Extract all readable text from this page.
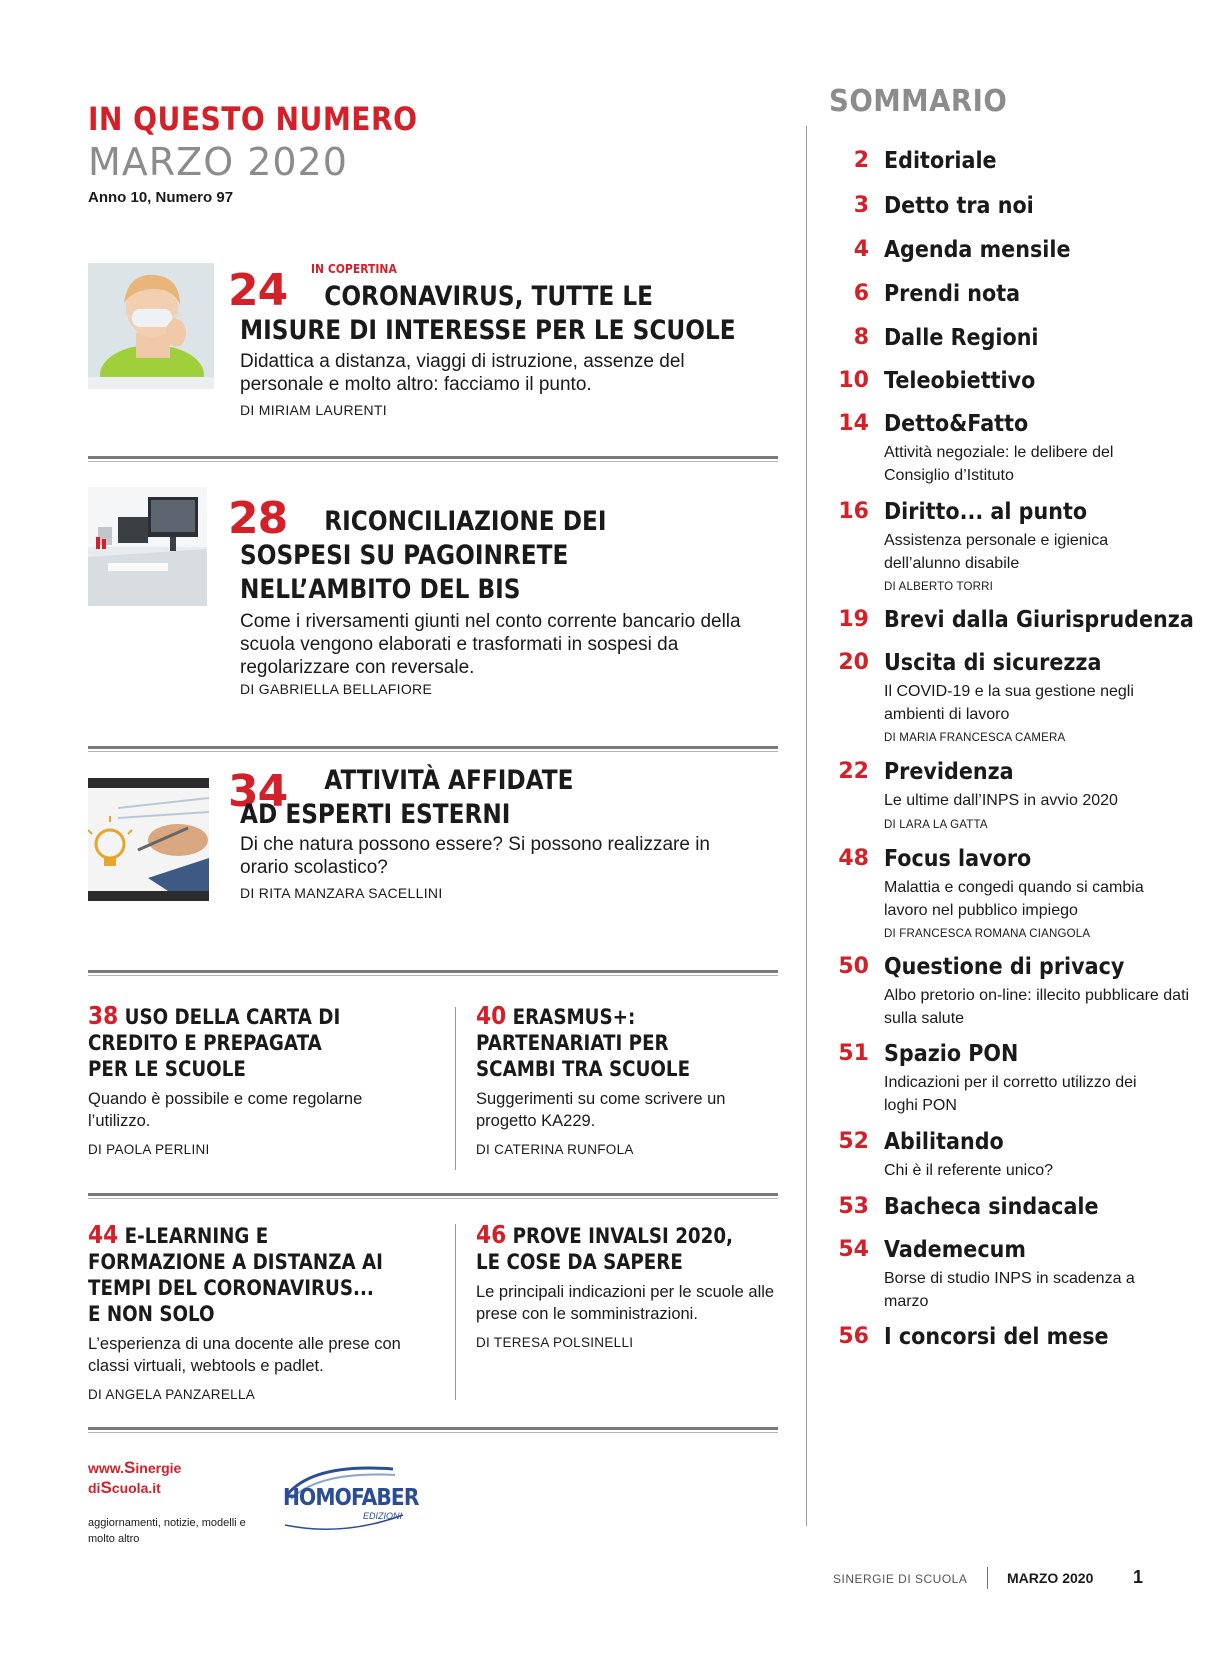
IN QUESTO NUMERO
MARZO 2020
Anno 10, Numero 97
24 IN COPERTINA
CORONAVIRUS, TUTTE LE
MISURE DI INTERESSE PER LE SCUOLE
Didattica a distanza, viaggi di istruzione, assenze del personale e molto altro: facciamo il punto.
DI MIRIAM LAURENTI
28	RICONCILIAZIONE DEI
SOSPESI SU PAGOINRETE
NELL’AMBITO DEL BIS
Come i riversamenti giunti nel conto corrente bancario della scuola vengono elaborati e trasformati in sospesi da regolarizzare con reversale.
DI GABRIELLA BELLAFIORE
34	ATTIVITÀ AFFIDATE
AD ESPERTI ESTERNI
Di che natura possono essere? Si possono realizzare in orario scolastico?
DI RITA MANZARA SACELLINI
38 USO DELLA CARTA DI
CREDITO E PREPAGATA
PER LE SCUOLE
Quando è possibile e come regolarne l’utilizzo.
DI PAOLA PERLINI
40 ERASMUS+:
PARTENARIATI PER
SCAMBI TRA SCUOLE
Suggerimenti su come scrivere un progetto KA229.
DI CATERINA RUNFOLA
44 E-LEARNING E
FORMAZIONE A DISTANZA AI
TEMPI DEL CORONAVIRUS...
E NON SOLO
L’esperienza di una docente alle prese con classi virtuali, webtools e padlet.
DI ANGELA PANZARELLA
46 PROVE INVALSI 2020,
LE COSE DA SAPERE
Le principali indicazioni per le scuole alle prese con le somministrazioni.
DI TERESA POLSINELLI
SOMMARIO
2 Editoriale
3 Detto tra noi
4 Agenda mensile
6 Prendi nota
8 Dalle Regioni
10 Teleobiettivo
14 Detto&Fatto
Attività negoziale: le delibere del Consiglio d’Istituto
16 Diritto... al punto
Assistenza personale e igienica dell’alunno disabile
DI ALBERTO TORRI
19 Brevi dalla Giurisprudenza
20 Uscita di sicurezza
Il COVID-19 e la sua gestione negli ambienti di lavoro
DI MARIA FRANCESCA CAMERA
22 Previdenza
Le ultime dall’INPS in avvio 2020
DI LARA LA GATTA
48 Focus lavoro
Malattia e congedi quando si cambia lavoro nel pubblico impiego
DI FRANCESCA ROMANA CIANGOLA
50 Questione di privacy
Albo pretorio on-line: illecito pubblicare dati sulla salute
51 Spazio PON
Indicazioni per il corretto utilizzo dei loghi PON
52 Abilitando
Chi è il referente unico?
53 Bacheca sindacale
54 Vademecum
Borse di studio INPS in scadenza a marzo
56 I concorsi del mese
www.Sinergie
diScuola.it
aggiornamenti, notizie, modelli e molto altro
HOMOFABER
EDIZIONI
SINERGIE DI SCUOLA	MARZO 2020 1
